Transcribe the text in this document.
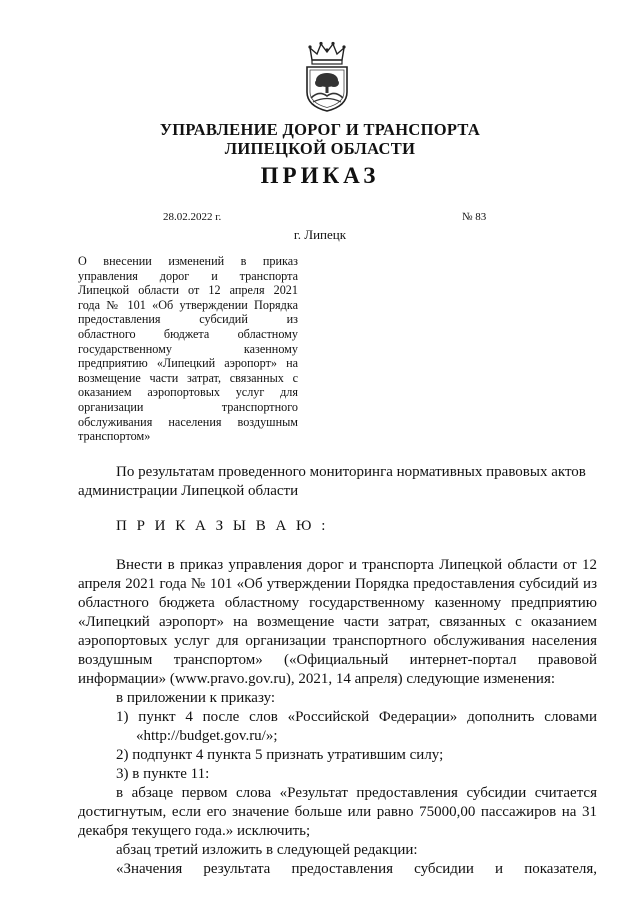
УПРАВЛЕНИЕ ДОРОГ И ТРАНСПОРТА
ЛИПЕЦКОЙ ОБЛАСТИ
ПРИКАЗ
28.02.2022 г.	№ 83
г. Липецк
О внесении изменений в приказ
управления дорог и транспорта
Липецкой области от 12 апреля 2021
года № 101 «Об утверждении Порядка
предоставления субсидий из
областного бюджета областному
государственному казенному
предприятию «Липецкий аэропорт» на
возмещение части затрат, связанных с
оказанием аэропортовых услуг для
организации транспортного
обслуживания населения воздушным
транспортом»
По результатам проведенного мониторинга нормативных правовых актов
администрации Липецкой области
П Р И К А З Ы В А Ю :
Внести в приказ управления дорог и транспорта Липецкой области от 12
апреля 2021 года № 101 «Об утверждении Порядка предоставления субсидий из
областного бюджета областному государственному казенному предприятию
«Липецкий аэропорт» на возмещение части затрат, связанных с оказанием
аэропортовых услуг для организации транспортного обслуживания населения
воздушным транспортом» («Официальный интернет-портал правовой
информации» (www.pravo.gov.ru), 2021, 14 апреля) следующие изменения:
в приложении к приказу:
1) пункт 4 после слов «Российской Федерации» дополнить словами
«http://budget.gov.ru/»;
2) подпункт 4 пункта 5 признать утратившим силу;
3) в пункте 11:
в абзаце первом слова «Результат предоставления субсидии считается
достигнутым, если его значение больше или равно 75000,00 пассажиров на 31
декабря текущего года.» исключить;
абзац третий изложить в следующей редакции:
«Значения результата предоставления субсидии и показателя,
